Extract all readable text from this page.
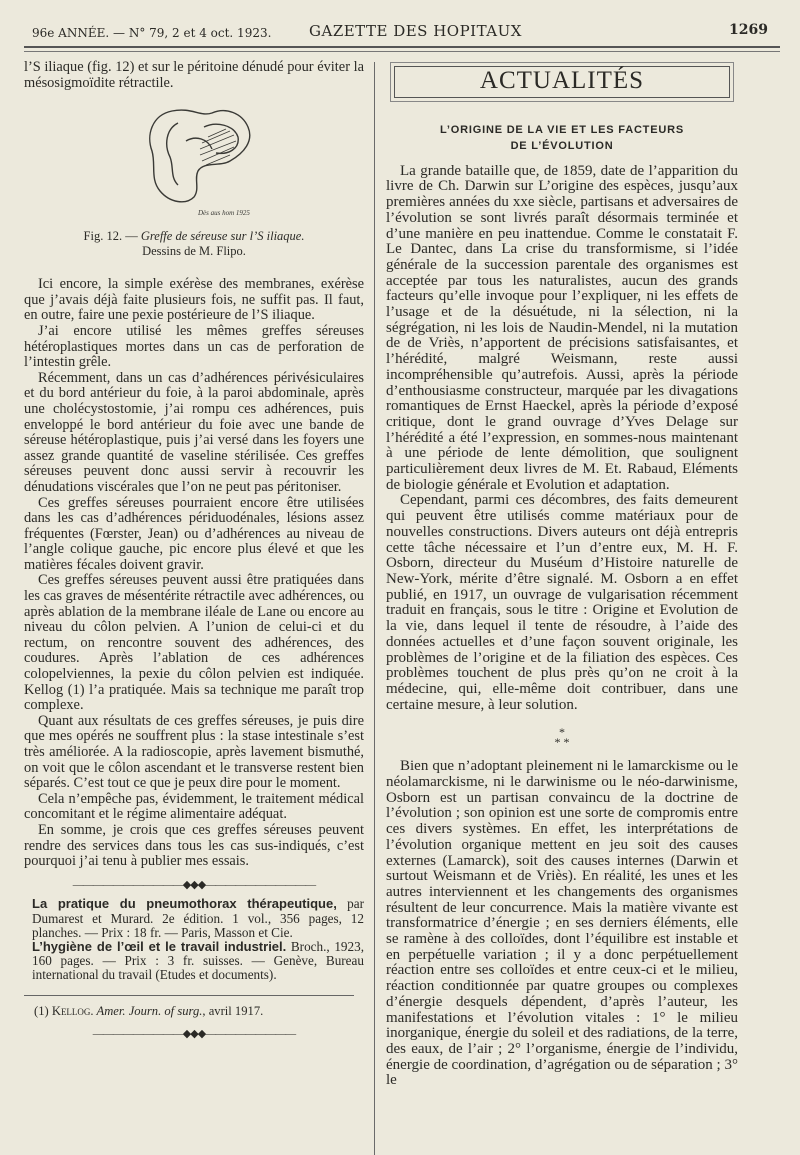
96e ANNÉE. — N° 79, 2 et 4 oct. 1923.	GAZETTE DES HOPITAUX	1269

l’S iliaque (fig. 12) et sur le péritoine dénudé pour éviter la mésosigmoïdite rétractile.

Dès aus hom 1925
Fig. 12. — Greffe de séreuse sur l’S iliaque.
Dessins de M. Flipo.

Ici encore, la simple exérèse des membranes, exérèse que j’avais déjà faite plusieurs fois, ne suffit pas. Il faut, en outre, faire une pexie postérieure de l’S iliaque.

J’ai encore utilisé les mêmes greffes séreuses hétéroplastiques mortes dans un cas de perforation de l’intestin grêle.

Récemment, dans un cas d’adhérences périvésiculaires et du bord antérieur du foie, à la paroi abdominale, après une cholécystostomie, j’ai rompu ces adhérences, puis enveloppé le bord antérieur du foie avec une bande de séreuse hétéroplastique, puis j’ai versé dans les foyers une assez grande quantité de vaseline stérilisée. Ces greffes séreuses peuvent donc aussi servir à recouvrir les dénudations viscérales que l’on ne peut pas péritoniser.

Ces greffes séreuses pourraient encore être utilisées dans les cas d’adhérences périduodénales, lésions assez fréquentes (Fœrster, Jean) ou d’adhérences au niveau de l’angle colique gauche, pic encore plus élevé et que les matières fécales doivent gravir.

Ces greffes séreuses peuvent aussi être pratiquées dans les cas graves de mésentérite rétractile avec adhérences, ou après ablation de la membrane iléale de Lane ou encore au niveau du côlon pelvien. A l’union de celui-ci et du rectum, on rencontre souvent des adhérences, des coudures. Après l’ablation de ces adhérences colopelviennes, la pexie du côlon pelvien est indiquée. Kellog (1) l’a pratiquée. Mais sa technique me paraît trop complexe.

Quant aux résultats de ces greffes séreuses, je puis dire que mes opérés ne souffrent plus : la stase intestinale s’est très améliorée. A la radioscopie, après lavement bismuthé, on voit que le côlon ascendant et le transverse restent bien séparés. C’est tout ce que je peux dire pour le moment.

Cela n’empêche pas, évidemment, le traitement médical concomitant et le régime alimentaire adéquat.

En somme, je crois que ces greffes séreuses peuvent rendre des services dans tous les cas sus-indiqués, c’est pourquoi j’ai tenu à publier mes essais.

———————————◆◆◆———————————

La pratique du pneumothorax thérapeutique, par Dumarest et Murard. 2e édition. 1 vol., 356 pages, 12 planches. — Prix : 18 fr. — Paris, Masson et Cie.

L’hygiène de l’œil et le travail industriel. Broch., 1923, 160 pages. — Prix : 3 fr. suisses. — Genève, Bureau international du travail (Etudes et documents).

(1) Kellog. Amer. Journ. of surg., avril 1917.

—————————◆◆◆—————————
ACTUALITÉS
L’ORIGINE DE LA VIE ET LES FACTEURS
DE L’ÉVOLUTION

La grande bataille que, de 1859, date de l’apparition du livre de Ch. Darwin sur L’origine des espèces, jusqu’aux premières années du xxe siècle, partisans et adversaires de l’évolution se sont livrés paraît désormais terminée et d’une manière en peu inattendue. Comme le constatait F. Le Dantec, dans La crise du transformisme, si l’idée générale de la succession parentale des organismes est acceptée par tous les naturalistes, aucun des grands facteurs qu’elle invoque pour l’expliquer, ni les effets de l’usage et de la désuétude, ni la sélection, ni la ségrégation, ni les lois de Naudin-Mendel, ni la mutation de de Vriès, n’apportent de précisions satisfaisantes, et l’hérédité, malgré Weismann, reste aussi incompréhensible qu’autrefois. Aussi, après la période d’enthousiasme constructeur, marquée par les divagations romantiques de Ernst Haeckel, après la période d’exposé critique, dont le grand ouvrage d’Yves Delage sur l’hérédité a été l’expression, en sommes-nous maintenant à une période de lente démolition, que soulignent particulièrement deux livres de M. Et. Rabaud, Eléments de biologie générale et Evolution et adaptation.

Cependant, parmi ces décombres, des faits demeurent qui peuvent être utilisés comme matériaux pour de nouvelles constructions. Divers auteurs ont déjà entrepris cette tâche nécessaire et l’un d’entre eux, M. H. F. Osborn, directeur du Muséum d’Histoire naturelle de New-York, mérite d’être signalé. M. Osborn a en effet publié, en 1917, un ouvrage de vulgarisation récemment traduit en français, sous le titre : Origine et Evolution de la vie, dans lequel il tente de résoudre, à l’aide des données actuelles et d’une façon souvent originale, les problèmes de l’origine et de la filiation des espèces. Ces problèmes touchent de plus près qu’on ne croit à la médecine, qui, elle-même doit contribuer, dans une certaine mesure, à leur solution.

*
* *

Bien que n’adoptant pleinement ni le lamarckisme ou le néolamarckisme, ni le darwinisme ou le néo-darwinisme, Osborn est un partisan convaincu de la doctrine de l’évolution ; son opinion est une sorte de compromis entre ces divers systèmes. En effet, les interprétations de l’évolution organique mettent en jeu soit des causes externes (Lamarck), soit des causes internes (Darwin et surtout Weismann et de Vriès). En réalité, les unes et les autres interviennent et les changements des organismes résultent de leur concurrence. Mais la matière vivante est transformatrice d’énergie ; en ses derniers éléments, elle se ramène à des colloïdes, dont l’équilibre est instable et en perpétuelle variation ; il y a donc perpétuellement réaction entre ses colloïdes et entre ceux-ci et le milieu, réaction conditionnée par quatre groupes ou complexes d’énergie desquels dépendent, d’après l’auteur, les manifestations et l’évolution vitales : 1° le milieu inorganique, énergie du soleil et des radiations, de la terre, des eaux, de l’air ; 2° l’organisme, énergie de l’individu, énergie de coordination, d’agrégation ou de séparation ; 3° le
